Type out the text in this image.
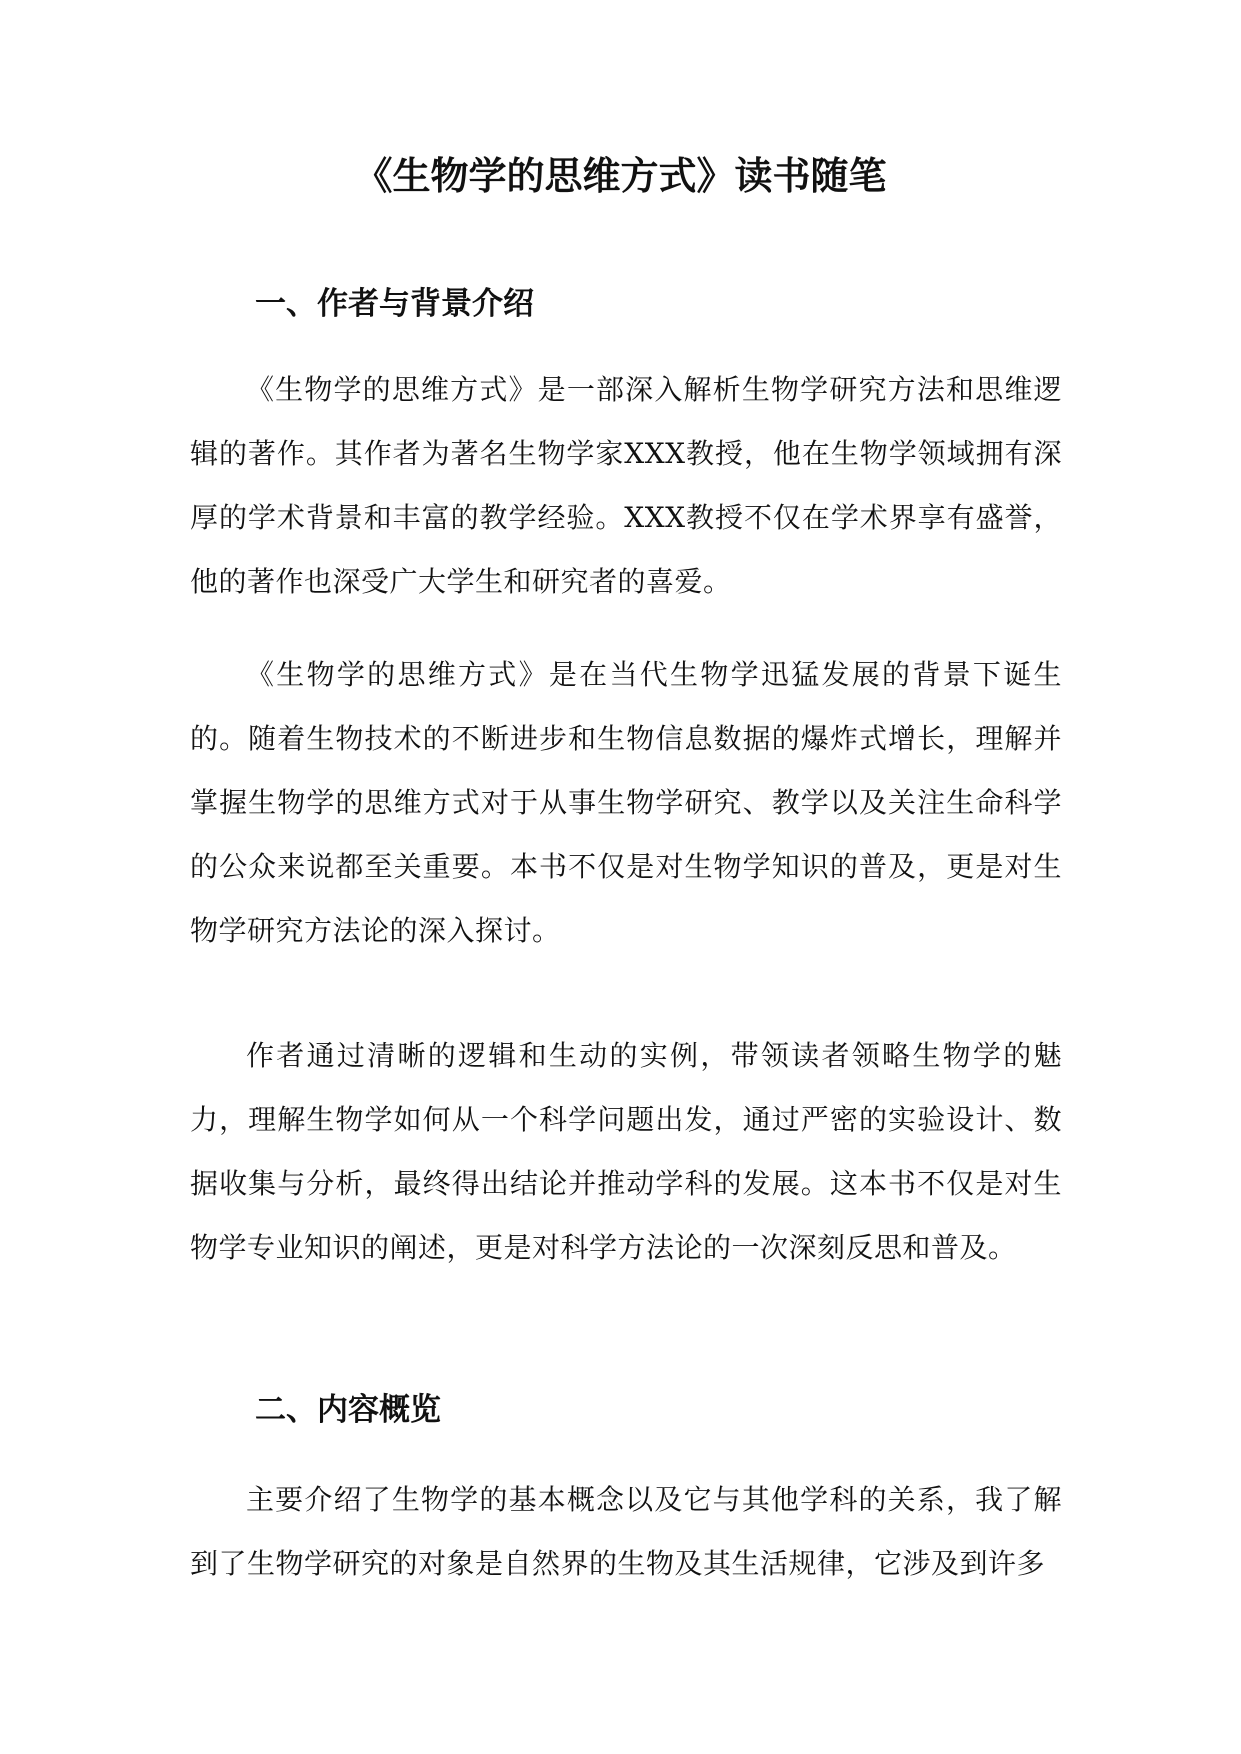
《生物学的思维方式》读书随笔
一、作者与背景介绍

《生物学的思维方式》是一部深入解析生物学研究方法和思维逻辑的著作。其作者为著名生物学家XXX教授，他在生物学领域拥有深厚的学术背景和丰富的教学经验。XXX教授不仅在学术界享有盛誉，他的著作也深受广大学生和研究者的喜爱。

《生物学的思维方式》是在当代生物学迅猛发展的背景下诞生的。随着生物技术的不断进步和生物信息数据的爆炸式增长，理解并掌握生物学的思维方式对于从事生物学研究、教学以及关注生命科学的公众来说都至关重要。本书不仅是对生物学知识的普及，更是对生物学研究方法论的深入探讨。

作者通过清晰的逻辑和生动的实例，带领读者领略生物学的魅力，理解生物学如何从一个科学问题出发，通过严密的实验设计、数据收集与分析，最终得出结论并推动学科的发展。这本书不仅是对生物学专业知识的阐述，更是对科学方法论的一次深刻反思和普及。

二、内容概览

主要介绍了生物学的基本概念以及它与其他学科的关系，我了解到了生物学研究的对象是自然界的生物及其生活规律，它涉及到许多
